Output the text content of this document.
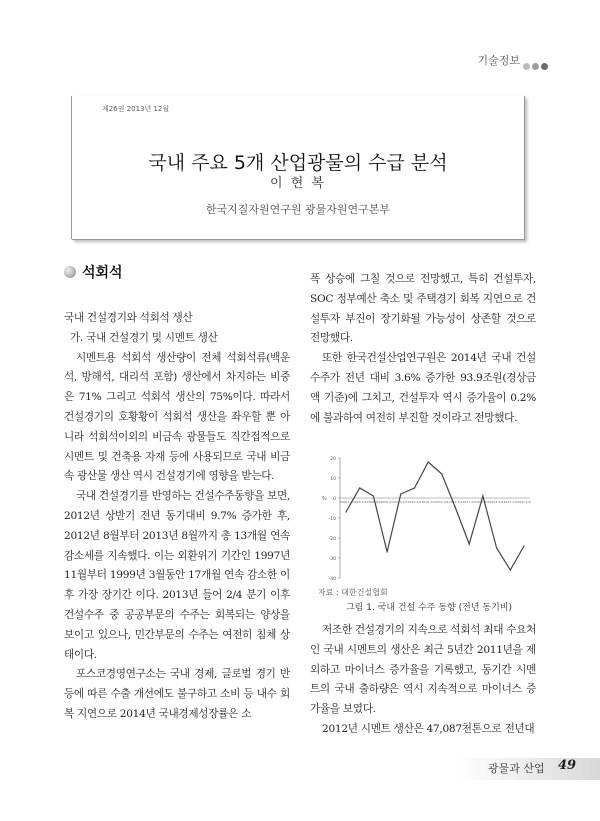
기술정보
제26권 2013년 12월
국내 주요 5개 산업광물의 수급 분석
이 현 복
한국지질자원연구원 광물자원연구본부
석회석

국내 건설경기와 석회석 생산

가. 국내 건설경기 및 시멘트 생산

시멘트용 석회석 생산량이 전체 석회석류(백운석, 방해석, 대리석 포함) 생산에서 차지하는 비중은 71% 그리고 석회석 생산의 75%이다. 따라서 건설경기의 호황황이 석회석 생산을 좌우할 뿐 아니라 석회석이외의 비금속 광물들도 직간접적으로 시멘트 및 건축용 자재 등에 사용되므로 국내 비금속 광산물 생산 역시 건설경기에 영향을 받는다.

국내 건설경기를 반영하는 건설수주동향을 보면, 2012년 상반기 전년 동기대비 9.7% 증가한 후, 2012년 8월부터 2013년 8월까지 총 13개월 연속 감소세를 지속했다. 이는 외환위기 기간인 1997년 11월부터 1999년 3월동안 17개월 연속 감소한 이후 가장 장기간 이다. 2013년 들어 2/4 분기 이후 건설수주 중 공공부문의 수주는 회복되는 양상을 보이고 있으나, 민간부문의 수주는 여전히 침체 상태이다.

포스코경영연구소는 국내 경제, 글로벌 경기 반등에 따른 수출 개선에도 불구하고 소비 등 내수 회복 지연으로 2014년 국내경제성장률은 소

폭 상승에 그칠 것으로 전망했고, 특히 건설투자, SOC 정부예산 축소 및 주택경기 회복 지연으로 건설투자 부진이 장기화될 가능성이 상존할 것으로 전망했다.

또한 한국건설산업연구원은 2014년 국내 건설수주가 전년 대비 3.6% 증가한 93.9조원(경상금액 기준)에 그치고, 건설투자 역시 증가율이 0.2%에 불과하여 여전히 부진할 것이라고 전망했다.

20
10
0
-10
-20
-30
-40
%	2009 1/4 2009 2/4 2009 3/4 2009 4/4 2010 1/4 2010 2/4 2010 3/4 2010 4/4 2011 1/4 2011 2/4 2011 3/4 2011 4/4 2012 1/4 2012 2/4
자료 : 대한건설협회
그림 1. 국내 건설 수주 동향 (전년 동기비)

저조한 건설경기의 지속으로 석회석 최대 수요처인 국내 시멘트의 생산은 최근 5년간 2011년을 제외하고 마이너스 증가율을 기록했고, 동기간 시멘트의 국내 출하량은 역시 지속적으로 마이너스 증가율을 보였다.

2012년 시멘트 생산은 47,087천톤으로 전년대

광물과 산업 49
